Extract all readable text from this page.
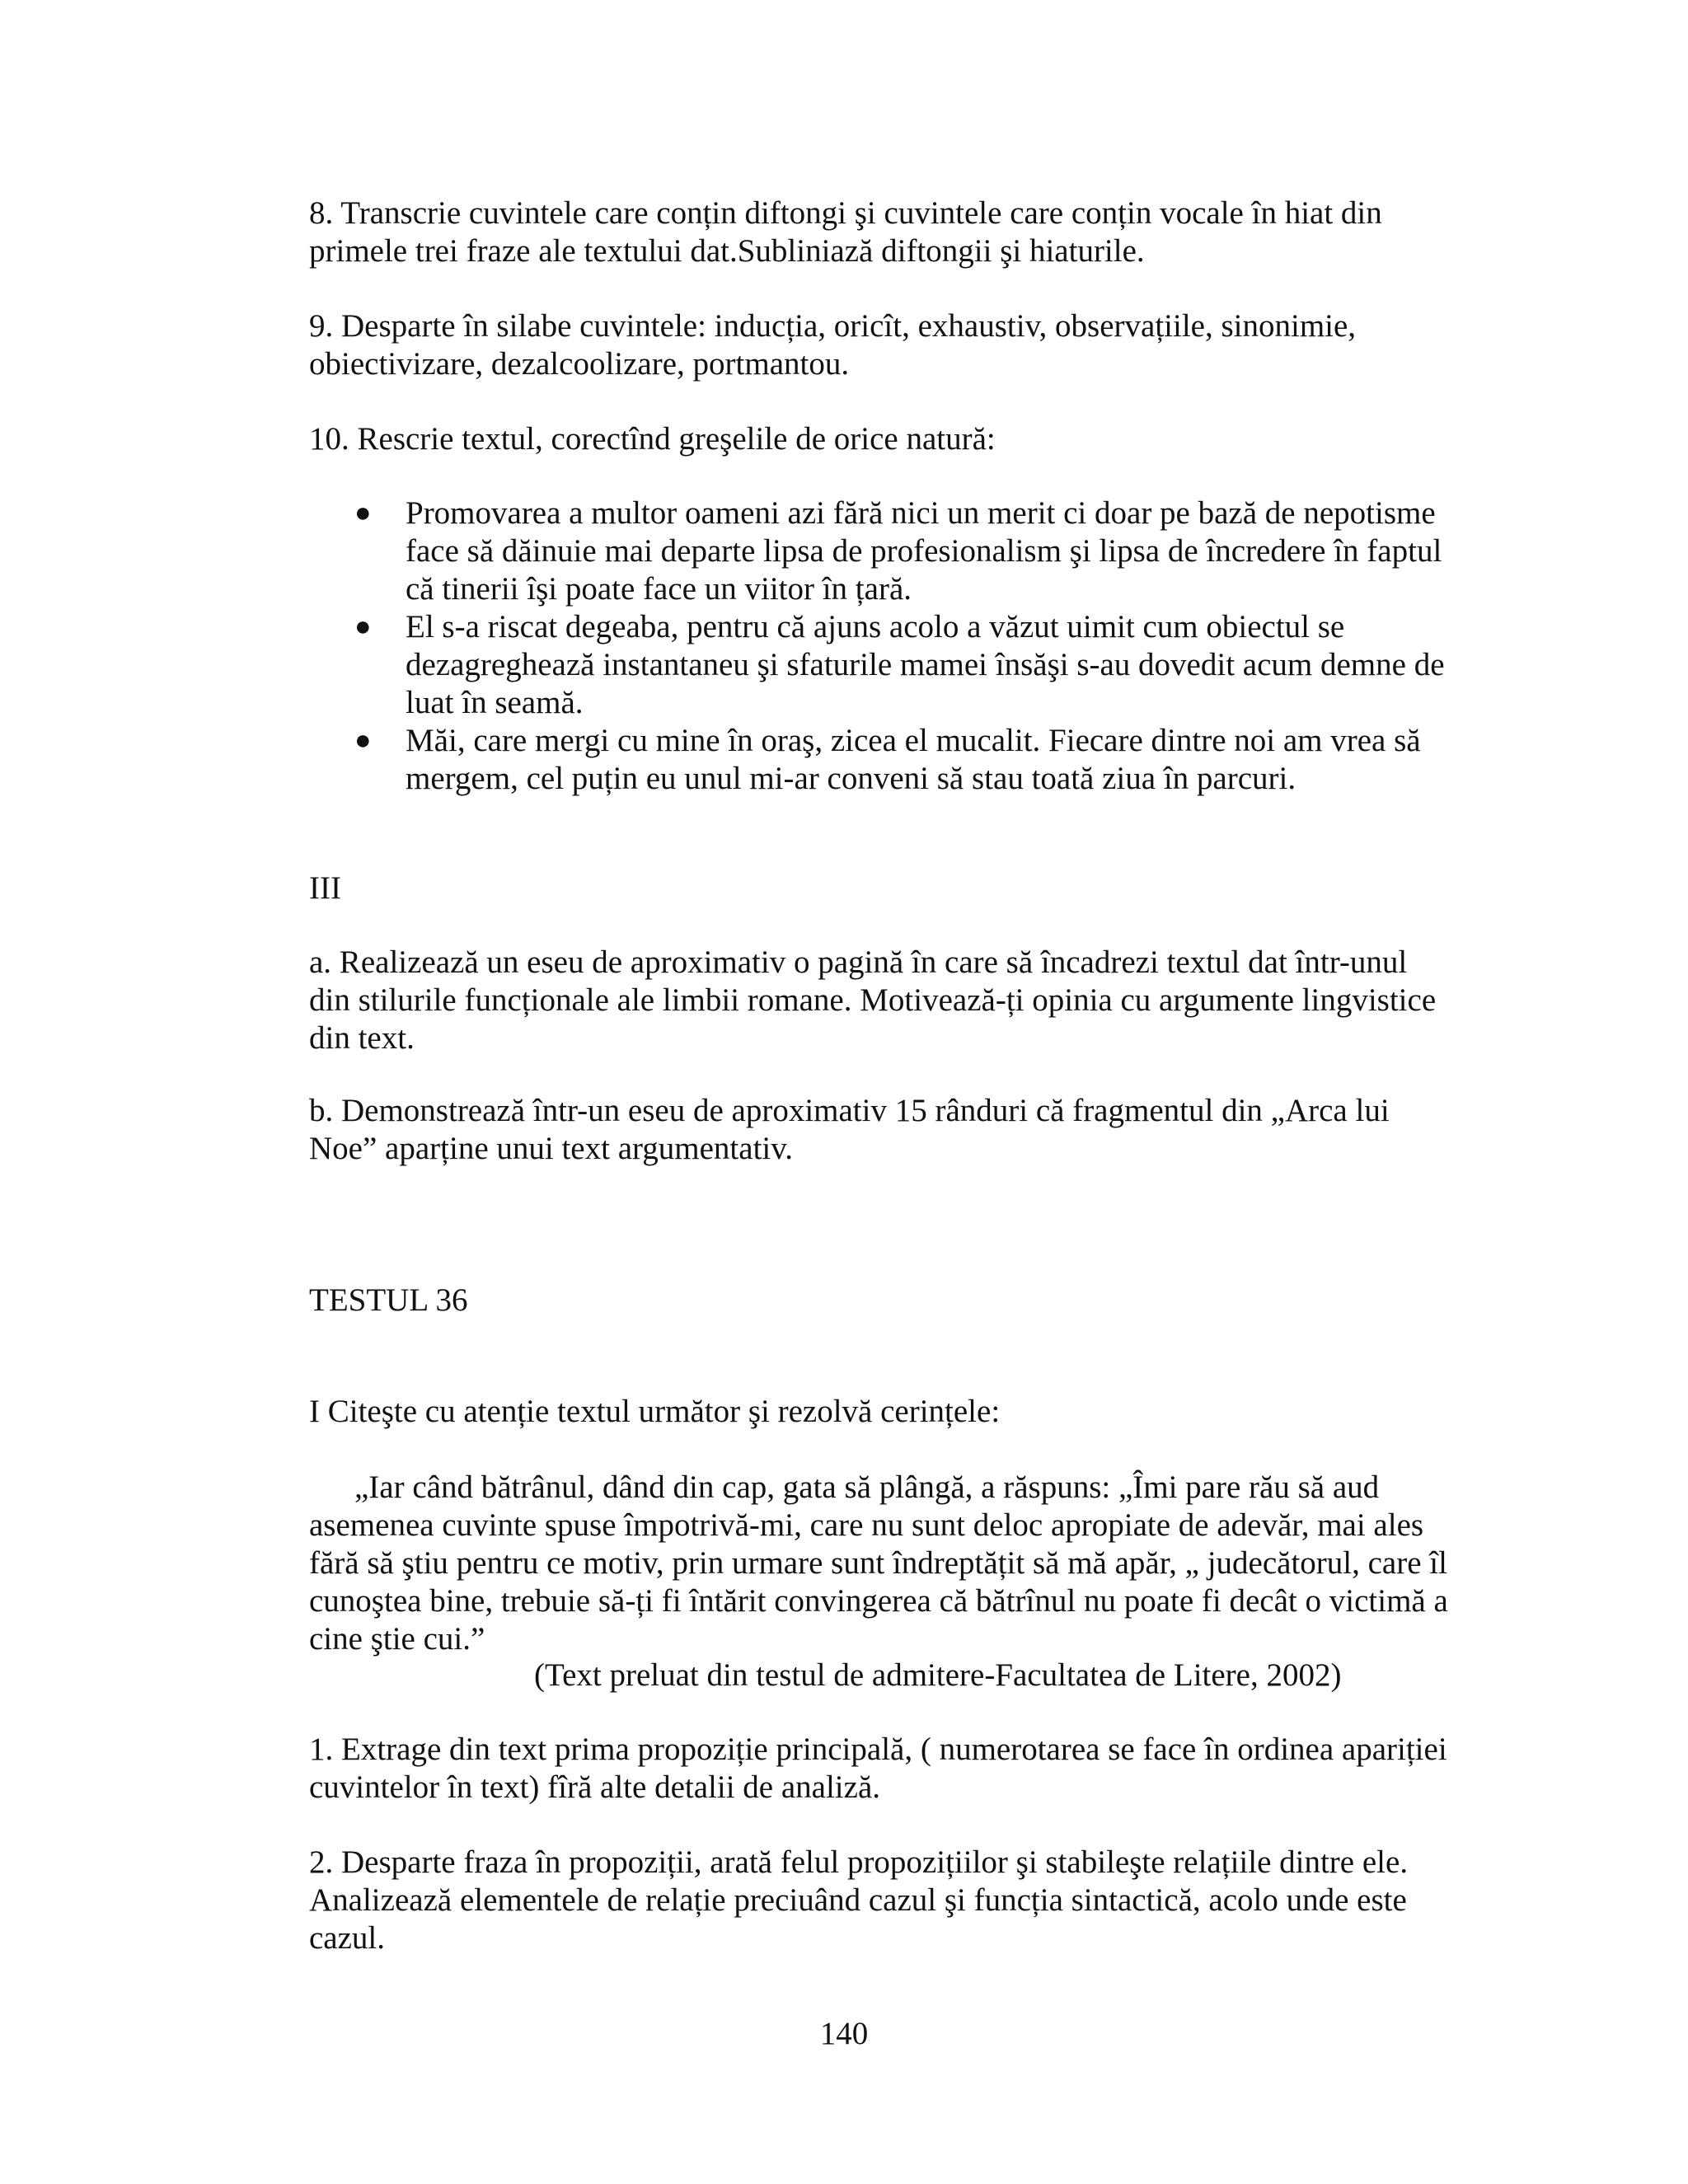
8. Transcrie cuvintele care conțin diftongi şi cuvintele care conțin vocale în hiat din

primele trei fraze ale textului dat.Subliniază diftongii şi hiaturile.

9. Desparte în silabe cuvintele: inducția, oricît, exhaustiv, observațiile, sinonimie,

obiectivizare, dezalcoolizare, portmantou.

10. Rescrie textul, corectînd greşelile de orice natură:

● Promovarea a multor oameni azi fără nici un merit ci doar pe bază de nepotisme

face să dăinuie mai departe lipsa de profesionalism şi lipsa de încredere în faptul

că tinerii îşi poate face un viitor în țară.

● El s-a riscat degeaba, pentru că ajuns acolo a văzut uimit cum obiectul se

dezagreghează instantaneu şi sfaturile mamei însăşi s-au dovedit acum demne de

luat în seamă.

● Măi, care mergi cu mine în oraş, zicea el mucalit. Fiecare dintre noi am vrea să

mergem, cel puțin eu unul mi-ar conveni să stau toată ziua în parcuri.

III

a. Realizează un eseu de aproximativ o pagină în care să încadrezi textul dat într-unul

din stilurile funcționale ale limbii romane. Motivează-ți opinia cu argumente lingvistice

din text.

b. Demonstrează într-un eseu de aproximativ 15 rânduri că fragmentul din „Arca lui

Noe” aparține unui text argumentativ.

TESTUL 36

I Citeşte cu atenție textul următor şi rezolvă cerințele:

„Iar când bătrânul, dând din cap, gata să plângă, a răspuns: „Îmi pare rău să aud

asemenea cuvinte spuse împotrivă-mi, care nu sunt deloc apropiate de adevăr, mai ales

fără să ştiu pentru ce motiv, prin urmare sunt îndreptățit să mă apăr, „ judecătorul, care îl

cunoştea bine, trebuie să-ți fi întărit convingerea că bătrînul nu poate fi decât o victimă a

cine ştie cui.”

(Text preluat din testul de admitere-Facultatea de Litere, 2002)

1. Extrage din text prima propoziție principală, ( numerotarea se face în ordinea apariției

cuvintelor în text) fîră alte detalii de analiză.

2. Desparte fraza în propoziții, arată felul propozițiilor şi stabileşte relațiile dintre ele.

Analizează elementele de relație preciuând cazul şi funcția sintactică, acolo unde este

cazul.

140
